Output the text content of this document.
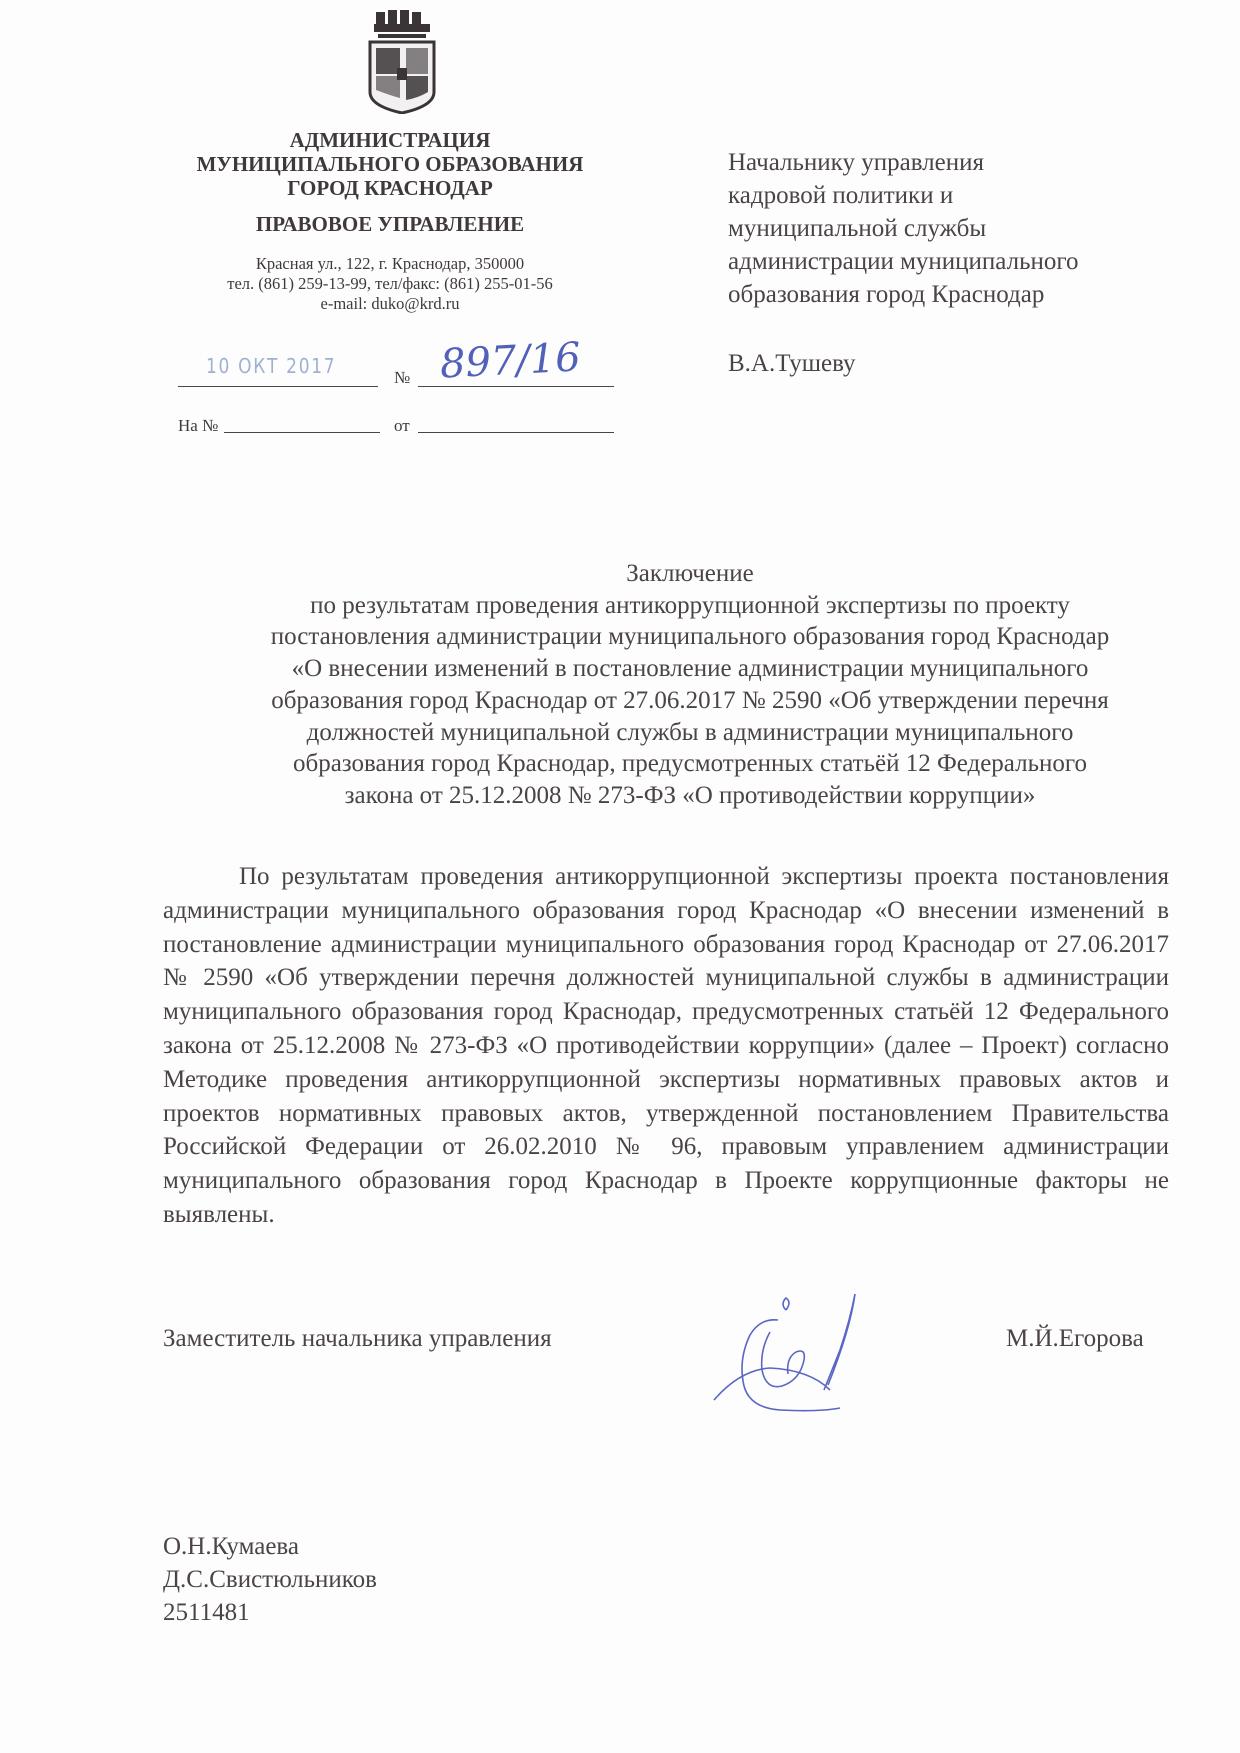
АДМИНИСТРАЦИЯ
МУНИЦИПАЛЬНОГО ОБРАЗОВАНИЯ
ГОРОД КРАСНОДАР
ПРАВОВОЕ УПРАВЛЕНИЕ
Красная ул., 122, г. Краснодар, 350000
тел. (861) 259-13-99, тел/факс: (861) 255-01-56
e-mail: duko@krd.ru
10 ОКТ 2017	№ 897/16
На №	от
Начальнику управления
кадровой политики и
муниципальной службы
администрации муниципального
образования город Краснодар
В.А.Тушеву
Заключение
по результатам проведения антикоррупционной экспертизы по проекту
постановления администрации муниципального образования город Краснодар
«О внесении изменений в постановление администрации муниципального
образования город Краснодар от 27.06.2017 № 2590 «Об утверждении перечня
должностей муниципальной службы в администрации муниципального
образования город Краснодар, предусмотренных статьёй 12 Федерального
закона от 25.12.2008 № 273-ФЗ «О противодействии коррупции»
По результатам проведения антикоррупционной экспертизы проекта постановления администрации муниципального образования город Краснодар «О внесении изменений в постановление администрации муниципального образования город Краснодар от 27.06.2017 № 2590 «Об утверждении перечня должностей муниципальной службы в администрации муниципального образования город Краснодар, предусмотренных статьёй 12 Федерального закона от 25.12.2008 № 273-ФЗ «О противодействии коррупции» (далее – Проект) согласно Методике проведения антикоррупционной экспертизы нормативных правовых актов и проектов нормативных правовых актов, утвержденной постановлением Правительства Российской Федерации от 26.02.2010 № 96, правовым управлением администрации муниципального образования город Краснодар в Проекте коррупционные факторы не выявлены.
Заместитель начальника управления	М.Й.Егорова
О.Н.Кумаева
Д.С.Свистюльников
2511481
